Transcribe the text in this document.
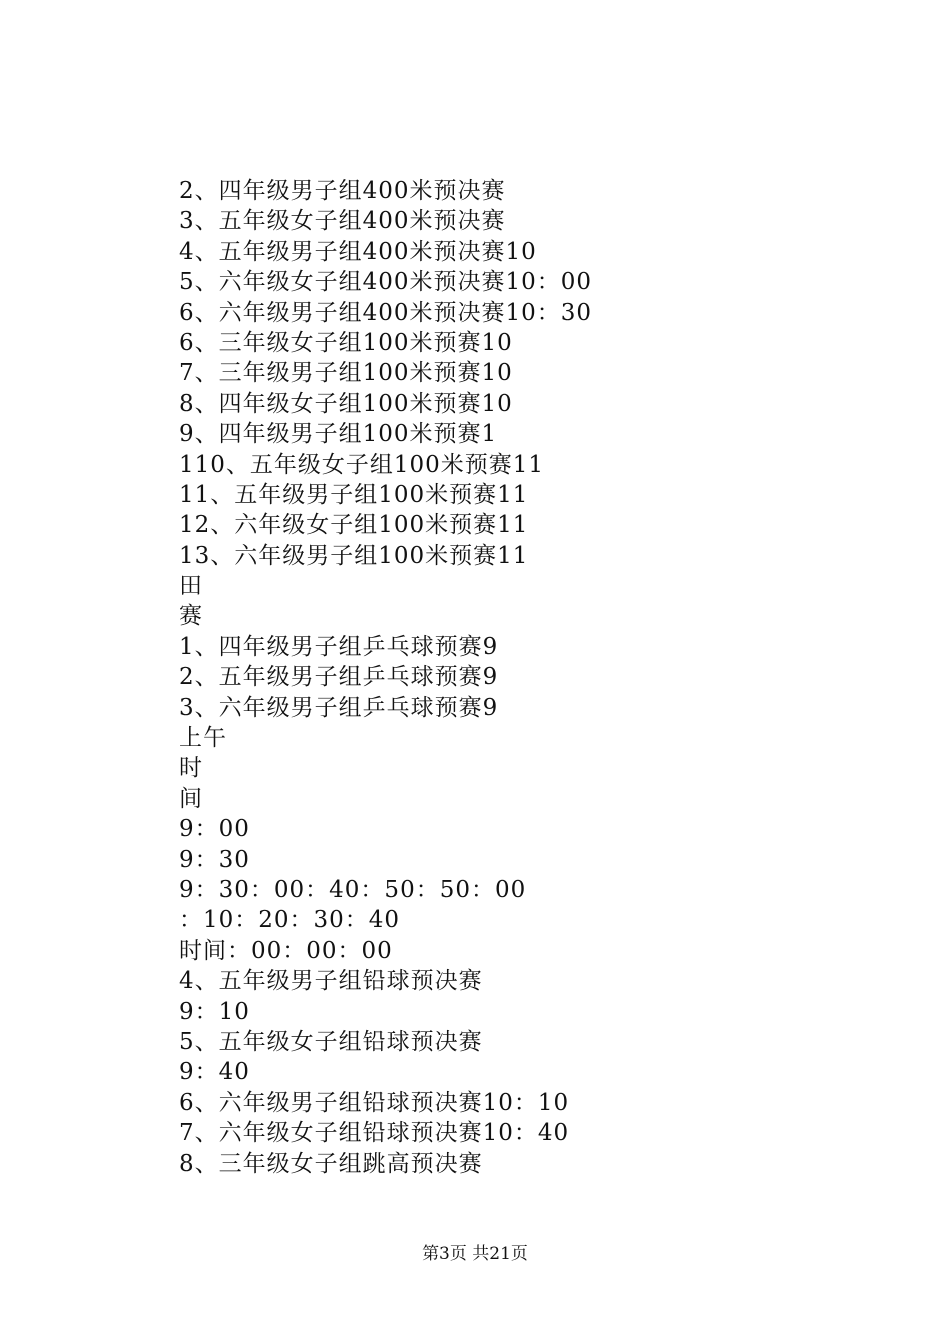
2、四年级男子组400米预决赛
3、五年级女子组400米预决赛
4、五年级男子组400米预决赛10
5、六年级女子组400米预决赛10：00
6、六年级男子组400米预决赛10：30
6、三年级女子组100米预赛10
7、三年级男子组100米预赛10
8、四年级女子组100米预赛10
9、四年级男子组100米预赛1
110、五年级女子组100米预赛11
11、五年级男子组100米预赛11
12、六年级女子组100米预赛11
13、六年级男子组100米预赛11
田
赛
1、四年级男子组乒乓球预赛9
2、五年级男子组乒乓球预赛9
3、六年级男子组乒乓球预赛9
上午
时
间
9：00
9：30
9：30：00：40：50：50：00
：10：20：30：40
时间：00：00：00
4、五年级男子组铅球预决赛
9：10
5、五年级女子组铅球预决赛
9：40
6、六年级男子组铅球预决赛10：10
7、六年级女子组铅球预决赛10：40
8、三年级女子组跳高预决赛
第3页 共21页
